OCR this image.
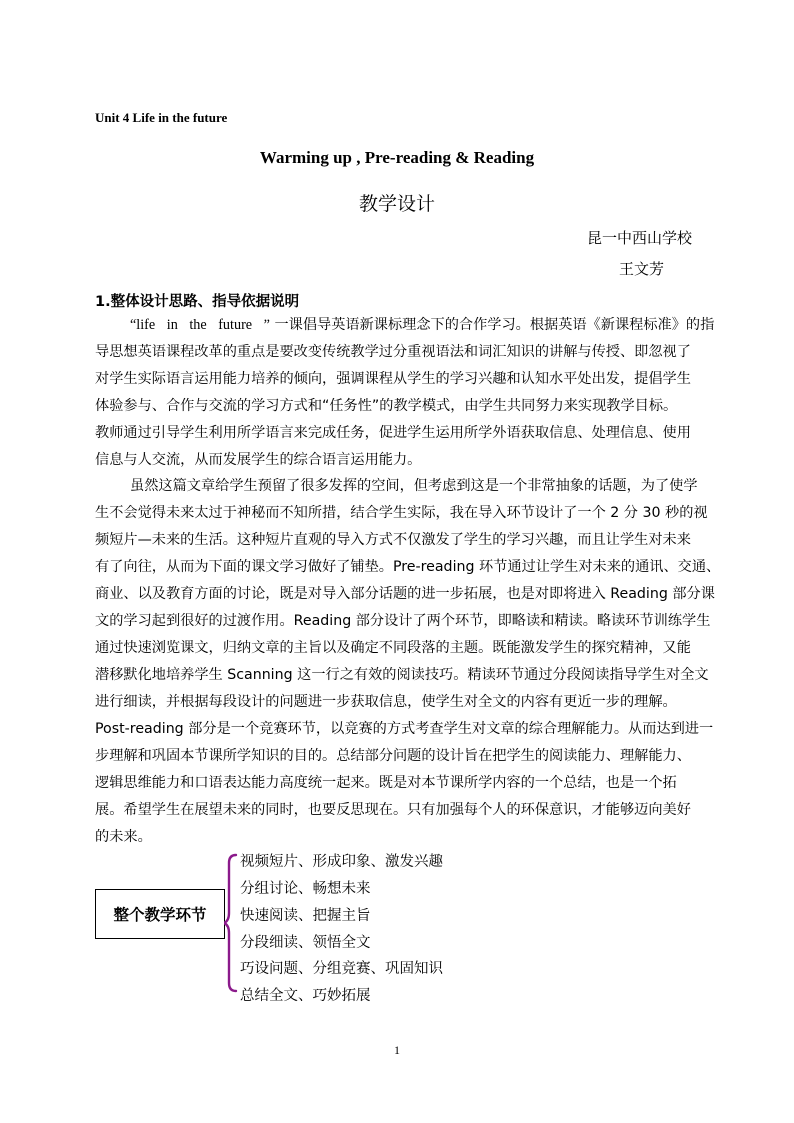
Unit 4 Life in the future
Warming up , Pre-reading & Reading
教学设计
昆一中西山学校
王文芳
1.整体设计思路、指导依据说明
“life in the future ” 一课倡导英语新课标理念下的合作学习。根据英语《新课程标准》的指
导思想英语课程改革的重点是要改变传统教学过分重视语法和词汇知识的讲解与传授、即忽视了
对学生实际语言运用能力培养的倾向，强调课程从学生的学习兴趣和认知水平处出发，提倡学生
体验参与、合作与交流的学习方式和“任务性”的教学模式，由学生共同努力来实现教学目标。
教师通过引导学生利用所学语言来完成任务，促进学生运用所学外语获取信息、处理信息、使用
信息与人交流，从而发展学生的综合语言运用能力。
虽然这篇文章给学生预留了很多发挥的空间，但考虑到这是一个非常抽象的话题，为了使学
生不会觉得未来太过于神秘而不知所措，结合学生实际，我在导入环节设计了一个 2 分 30 秒的视
频短片—未来的生活。这种短片直观的导入方式不仅激发了学生的学习兴趣，而且让学生对未来
有了向往，从而为下面的课文学习做好了铺垫。Pre-reading 环节通过让学生对未来的通讯、交通、
商业、以及教育方面的讨论，既是对导入部分话题的进一步拓展，也是对即将进入 Reading 部分课
文的学习起到很好的过渡作用。Reading 部分设计了两个环节，即略读和精读。略读环节训练学生
通过快速浏览课文，归纳文章的主旨以及确定不同段落的主题。既能激发学生的探究精神，又能
潜移默化地培养学生 Scanning 这一行之有效的阅读技巧。精读环节通过分段阅读指导学生对全文
进行细读，并根据每段设计的问题进一步获取信息，使学生对全文的内容有更近一步的理解。
Post-reading 部分是一个竞赛环节，以竞赛的方式考查学生对文章的综合理解能力。从而达到进一
步理解和巩固本节课所学知识的目的。总结部分问题的设计旨在把学生的阅读能力、理解能力、
逻辑思维能力和口语表达能力高度统一起来。既是对本节课所学内容的一个总结，也是一个拓
展。希望学生在展望未来的同时，也要反思现在。只有加强每个人的环保意识，才能够迈向美好
的未来。
整个教学环节
视频短片、形成印象、激发兴趣
分组讨论、畅想未来
快速阅读、把握主旨
分段细读、领悟全文
巧设问题、分组竞赛、巩固知识
总结全文、巧妙拓展
1
